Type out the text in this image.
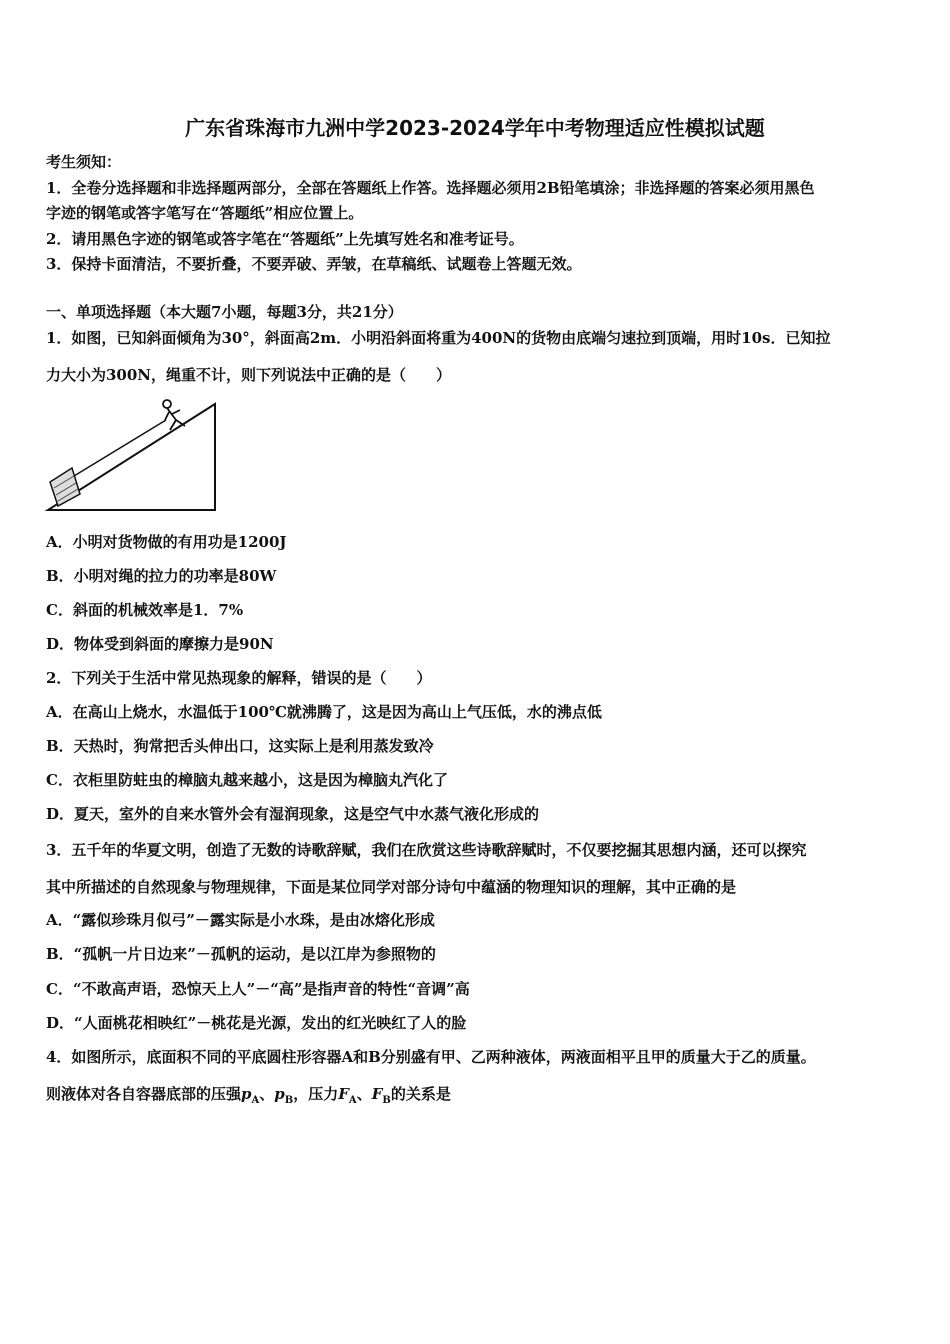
广东省珠海市九洲中学2023-2024学年中考物理适应性模拟试题
考生须知：
1．全卷分选择题和非选择题两部分，全部在答题纸上作答。选择题必须用2B铅笔填涂；非选择题的答案必须用黑色
字迹的钢笔或答字笔写在“答题纸”相应位置上。
2．请用黑色字迹的钢笔或答字笔在“答题纸”上先填写姓名和准考证号。
3．保持卡面清洁，不要折叠，不要弄破、弄皱，在草稿纸、试题卷上答题无效。
一、单项选择题（本大题7小题，每题3分，共21分）
1．如图，已知斜面倾角为30°，斜面高2m．小明沿斜面将重为400N的货物由底端匀速拉到顶端，用时10s．已知拉
力大小为300N，绳重不计，则下列说法中正确的是（　　）
A．小明对货物做的有用功是1200J
B．小明对绳的拉力的功率是80W
C．斜面的机械效率是1．7%
D．物体受到斜面的摩擦力是90N
2．下列关于生活中常见热现象的解释，错误的是（　　）
A．在高山上烧水，水温低于100℃就沸腾了，这是因为高山上气压低，水的沸点低
B．天热时，狗常把舌头伸出口，这实际上是利用蒸发致冷
C．衣柜里防蛀虫的樟脑丸越来越小，这是因为樟脑丸汽化了
D．夏天，室外的自来水管外会有湿润现象，这是空气中水蒸气液化形成的
3．五千年的华夏文明，创造了无数的诗歌辞赋，我们在欣赏这些诗歌辞赋时，不仅要挖掘其思想内涵，还可以探究
其中所描述的自然现象与物理规律，下面是某位同学对部分诗句中蕴涵的物理知识的理解，其中正确的是
A．“露似珍珠月似弓”－露实际是小水珠，是由冰熔化形成
B．“孤帆一片日边来”－孤帆的运动，是以江岸为参照物的
C．“不敢高声语，恐惊天上人”－“高”是指声音的特性“音调”高
D．“人面桃花相映红”－桃花是光源，发出的红光映红了人的脸
4．如图所示，底面积不同的平底圆柱形容器A和B分别盛有甲、乙两种液体，两液面相平且甲的质量大于乙的质量。
则液体对各自容器底部的压强$p_A$、$p_B$，压力$F_A$、$F_B$的关系是
